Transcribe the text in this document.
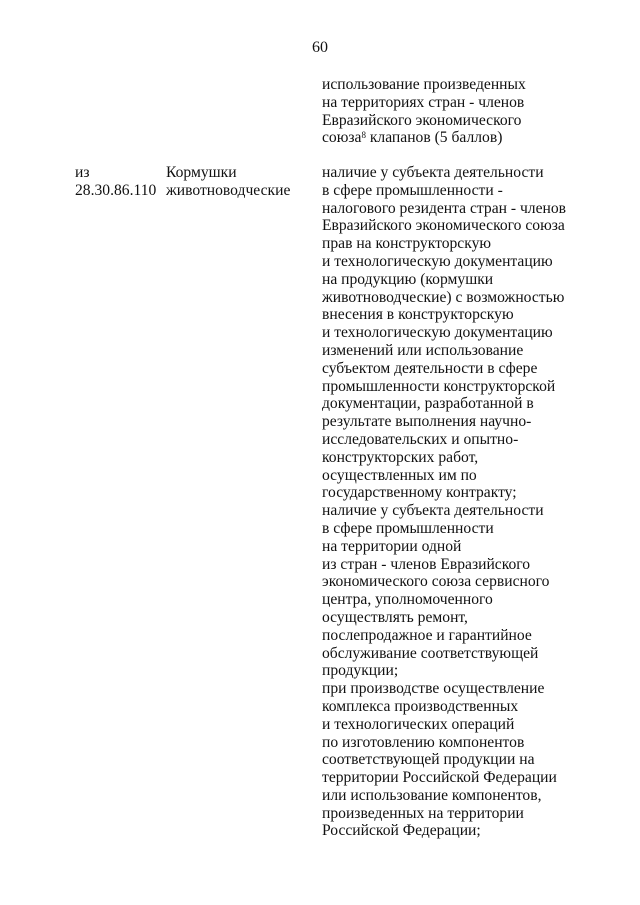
60
использование произведенных
на территориях стран - членов
Евразийского экономического
союза$^8$ клапанов (5 баллов)
из
28.30.86.110
Кормушки
животноводческие
наличие у субъекта деятельности
в сфере промышленности -
налогового резидента стран - членов
Евразийского экономического союза
прав на конструкторскую
и технологическую документацию
на продукцию (кормушки
животноводческие) с возможностью
внесения в конструкторскую
и технологическую документацию
изменений или использование
субъектом деятельности в сфере
промышленности конструкторской
документации, разработанной в
результате выполнения научно-
исследовательских и опытно-
конструкторских работ,
осуществленных им по
государственному контракту;
наличие у субъекта деятельности
в сфере промышленности
на территории одной
из стран - членов Евразийского
экономического союза сервисного
центра, уполномоченного
осуществлять ремонт,
послепродажное и гарантийное
обслуживание соответствующей
продукции;
при производстве осуществление
комплекса производственных
и технологических операций
по изготовлению компонентов
соответствующей продукции на
территории Российской Федерации
или использование компонентов,
произведенных на территории
Российской Федерации;
